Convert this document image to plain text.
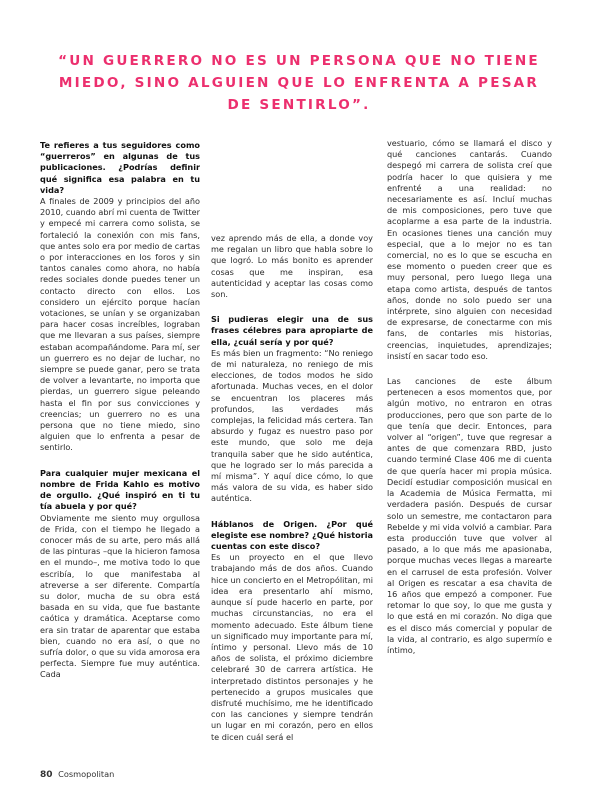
“UN GUERRERO NO ES UN PERSONA QUE NO TIENE MIEDO, SINO ALGUIEN QUE LO ENFRENTA A PESAR DE SENTIRLO”.

Te refieres a tus seguidores como “guerreros” en algunas de tus publicaciones. ¿Podrías definir qué significa esa palabra en tu vida?

A finales de 2009 y principios del año 2010, cuando abrí mi cuenta de Twitter y empecé mi carrera como solista, se fortaleció la conexión con mis fans, que antes solo era por medio de cartas o por interacciones en los foros y sin tantos canales como ahora, no había redes sociales donde puedes tener un contacto directo con ellos. Los considero un ejército porque hacían votaciones, se unían y se organizaban para hacer cosas increíbles, lograban que me llevaran a sus países, siempre estaban acompañándome. Para mí, ser un guerrero es no dejar de luchar, no siempre se puede ganar, pero se trata de volver a levantarte, no importa que pierdas, un guerrero sigue peleando hasta el fin por sus convicciones y creencias; un guerrero no es una persona que no tiene miedo, sino alguien que lo enfrenta a pesar de sentirlo.

Para cualquier mujer mexicana el nombre de Frida Kahlo es motivo de orgullo. ¿Qué inspiró en ti tu tía abuela y por qué?

Obviamente me siento muy orgullosa de Frida, con el tiempo he llegado a conocer más de su arte, pero más allá de las pinturas –que la hicieron famosa en el mundo–, me motiva todo lo que escribía, lo que manifestaba al atreverse a ser diferente. Compartía su dolor, mucha de su obra está basada en su vida, que fue bastante caótica y dramática. Aceptarse como era sin tratar de aparentar que estaba bien, cuando no era así, o que no sufría dolor, o que su vida amorosa era perfecta. Siempre fue muy auténtica. Cada

vez aprendo más de ella, a donde voy me regalan un libro que habla sobre lo que logró. Lo más bonito es aprender cosas que me inspiran, esa autenticidad y aceptar las cosas como son.

Si pudieras elegir una de sus frases célebres para apropiarte de ella, ¿cuál sería y por qué?

Es más bien un fragmento: “No reniego de mi naturaleza, no reniego de mis elecciones, de todos modos he sido afortunada. Muchas veces, en el dolor se encuentran los placeres más profundos, las verdades más complejas, la felicidad más certera. Tan absurdo y fugaz es nuestro paso por este mundo, que solo me deja tranquila saber que he sido auténtica, que he logrado ser lo más parecida a mí misma”. Y aquí dice cómo, lo que más valora de su vida, es haber sido auténtica.

Háblanos de Origen. ¿Por qué elegiste ese nombre? ¿Qué historia cuentas con este disco?

Es un proyecto en el que llevo trabajando más de dos años. Cuando hice un concierto en el Metropólitan, mi idea era presentarlo ahí mismo, aunque sí pude hacerlo en parte, por muchas circunstancias, no era el momento adecuado. Este álbum tiene un significado muy importante para mí, íntimo y personal. Llevo más de 10 años de solista, el próximo diciembre celebraré 30 de carrera artística. He interpretado distintos personajes y he pertenecido a grupos musicales que disfruté muchísimo, me he identificado con las canciones y siempre tendrán un lugar en mi corazón, pero en ellos te dicen cuál será el

vestuario, cómo se llamará el disco y qué canciones cantarás. Cuando despegó mi carrera de solista creí que podría hacer lo que quisiera y me enfrenté a una realidad: no necesariamente es así. Incluí muchas de mis composiciones, pero tuve que acoplarme a esa parte de la industria. En ocasiones tienes una canción muy especial, que a lo mejor no es tan comercial, no es lo que se escucha en ese momento o pueden creer que es muy personal, pero luego llega una etapa como artista, después de tantos años, donde no solo puedo ser una intérprete, sino alguien con necesidad de expresarse, de conectarme con mis fans, de contarles mis historias, creencias, inquietudes, aprendizajes; insistí en sacar todo eso.

Las canciones de este álbum pertenecen a esos momentos que, por algún motivo, no entraron en otras producciones, pero que son parte de lo que tenía que decir. Entonces, para volver al “origen”, tuve que regresar a antes de que comenzara RBD, justo cuando terminé Clase 406 me di cuenta de que quería hacer mi propia música. Decidí estudiar composición musical en la Academia de Música Fermatta, mi verdadera pasión. Después de cursar solo un semestre, me contactaron para Rebelde y mi vida volvió a cambiar. Para esta producción tuve que volver al pasado, a lo que más me apasionaba, porque muchas veces llegas a marearte en el carrusel de esta profesión. Volver al Origen es rescatar a esa chavita de 16 años que empezó a componer. Fue retomar lo que soy, lo que me gusta y lo que está en mi corazón. No diga que es el disco más comercial y popular de la vida, al contrario, es algo supermío e íntimo,

80 Cosmopolitan
